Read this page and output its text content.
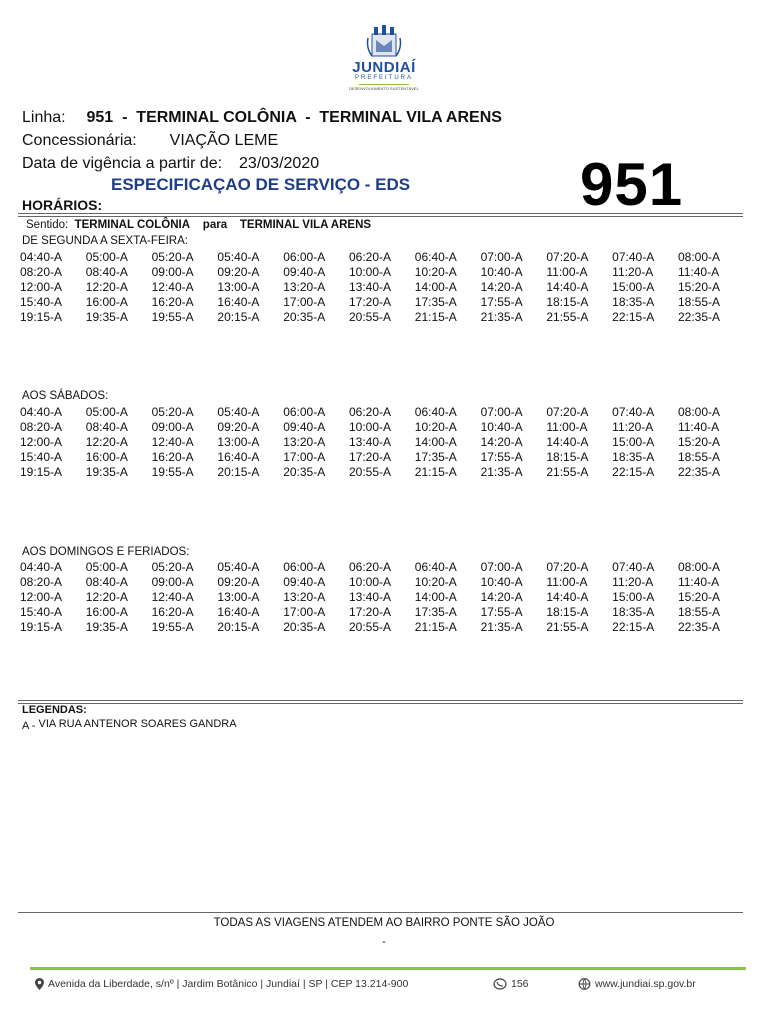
JUNDIAÍ
PREFEITURA
DESENVOLVIMENTO SUSTENTÁVEL
Linha: 951  -  TERMINAL COLÔNIA  -  TERMINAL VILA ARENS
Concessionária: VIAÇÃO LEME
Data de vigência a partir de: 23/03/2020
ESPECIFICAÇAO DE SERVIÇO - EDS	951
HORÁRIOS:
Sentido: TERMINAL COLÔNIA para TERMINAL VILA ARENS
DE SEGUNDA A SEXTA-FEIRA:
04:40-A	05:00-A	05:20-A	05:40-A	06:00-A	06:20-A	06:40-A	07:00-A	07:20-A	07:40-A	08:00-A
08:20-A	08:40-A	09:00-A	09:20-A	09:40-A	10:00-A	10:20-A	10:40-A	11:00-A	11:20-A	11:40-A
12:00-A	12:20-A	12:40-A	13:00-A	13:20-A	13:40-A	14:00-A	14:20-A	14:40-A	15:00-A	15:20-A
15:40-A	16:00-A	16:20-A	16:40-A	17:00-A	17:20-A	17:35-A	17:55-A	18:15-A	18:35-A	18:55-A
19:15-A	19:35-A	19:55-A	20:15-A	20:35-A	20:55-A	21:15-A	21:35-A	21:55-A	22:15-A	22:35-A
AOS SÁBADOS:
04:40-A	05:00-A	05:20-A	05:40-A	06:00-A	06:20-A	06:40-A	07:00-A	07:20-A	07:40-A	08:00-A
08:20-A	08:40-A	09:00-A	09:20-A	09:40-A	10:00-A	10:20-A	10:40-A	11:00-A	11:20-A	11:40-A
12:00-A	12:20-A	12:40-A	13:00-A	13:20-A	13:40-A	14:00-A	14:20-A	14:40-A	15:00-A	15:20-A
15:40-A	16:00-A	16:20-A	16:40-A	17:00-A	17:20-A	17:35-A	17:55-A	18:15-A	18:35-A	18:55-A
19:15-A	19:35-A	19:55-A	20:15-A	20:35-A	20:55-A	21:15-A	21:35-A	21:55-A	22:15-A	22:35-A
AOS DOMINGOS E FERIADOS:
04:40-A	05:00-A	05:20-A	05:40-A	06:00-A	06:20-A	06:40-A	07:00-A	07:20-A	07:40-A	08:00-A
08:20-A	08:40-A	09:00-A	09:20-A	09:40-A	10:00-A	10:20-A	10:40-A	11:00-A	11:20-A	11:40-A
12:00-A	12:20-A	12:40-A	13:00-A	13:20-A	13:40-A	14:00-A	14:20-A	14:40-A	15:00-A	15:20-A
15:40-A	16:00-A	16:20-A	16:40-A	17:00-A	17:20-A	17:35-A	17:55-A	18:15-A	18:35-A	18:55-A
19:15-A	19:35-A	19:55-A	20:15-A	20:35-A	20:55-A	21:15-A	21:35-A	21:55-A	22:15-A	22:35-A
LEGENDAS:
A - VIA RUA ANTENOR SOARES GANDRA
TODAS AS VIAGENS ATENDEM AO BAIRRO PONTE SÃO JOÃO
-
Avenida da Liberdade, s/nº | Jardim Botânico | Jundiaí | SP | CEP 13.214-900	156	www.jundiai.sp.gov.br
